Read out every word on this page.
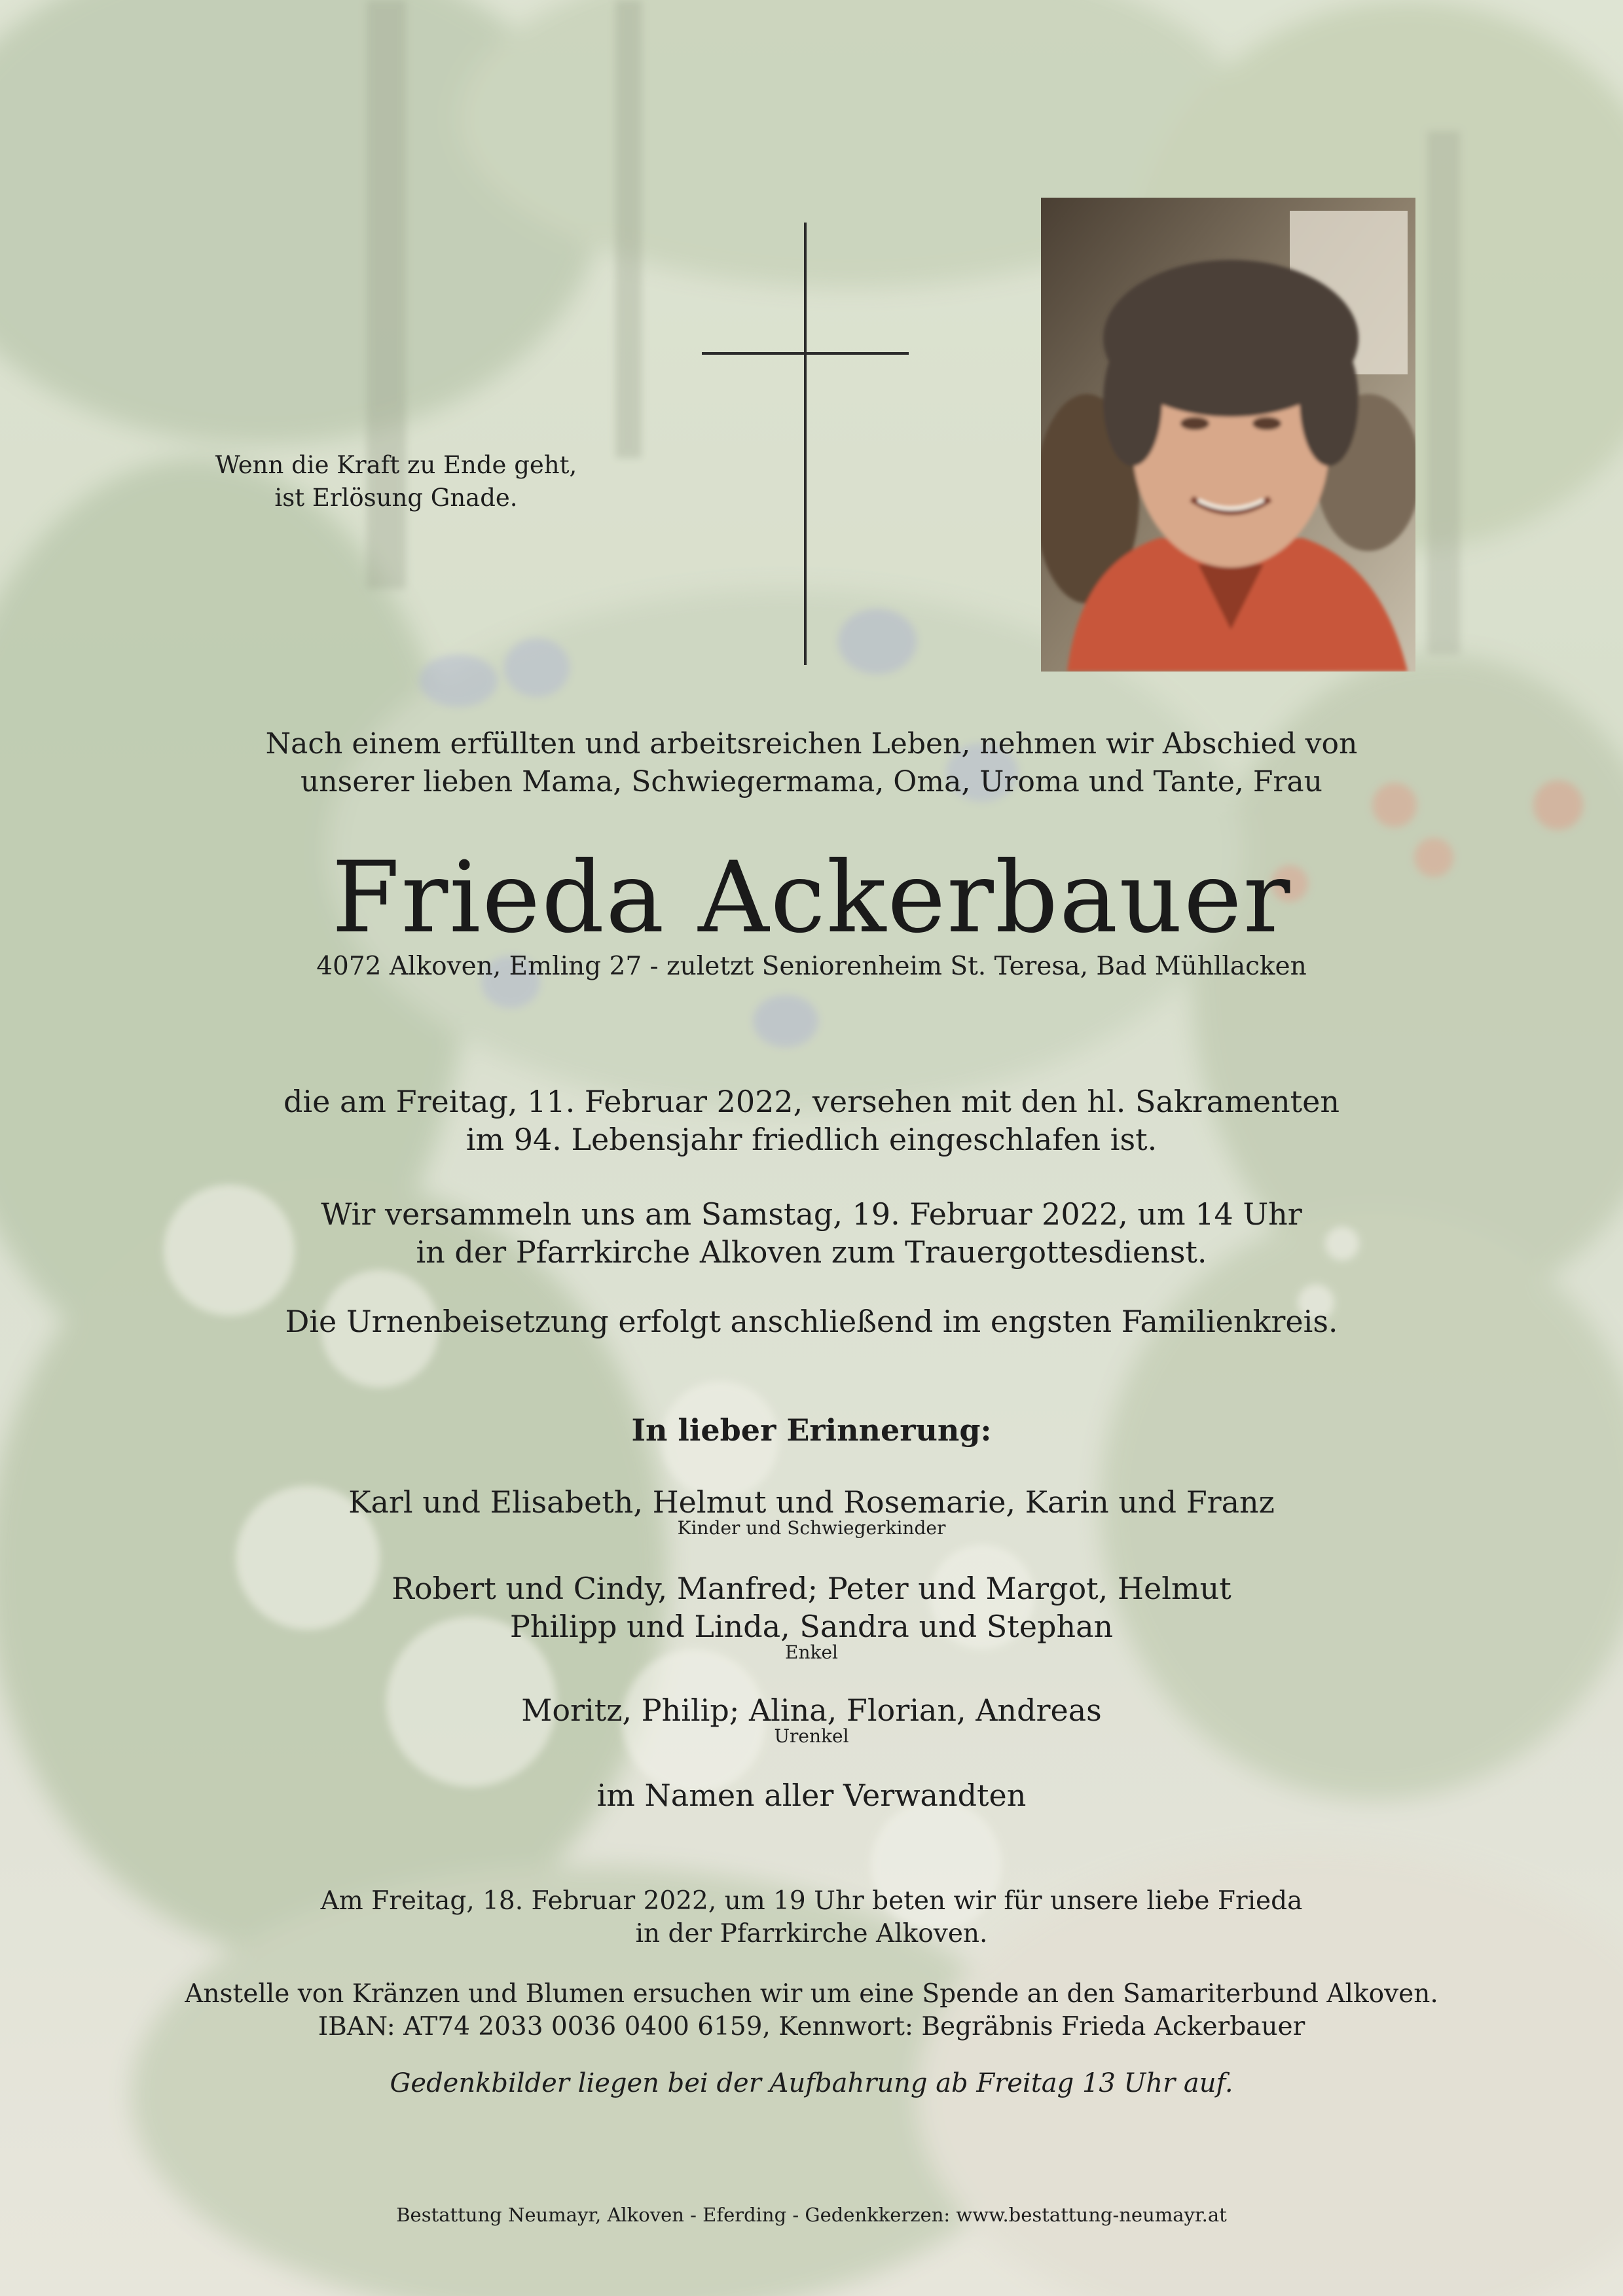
Wenn die Kraft zu Ende geht,
ist Erlösung Gnade.
Nach einem erfüllten und arbeitsreichen Leben, nehmen wir Abschied von
unserer lieben Mama, Schwiegermama, Oma, Uroma und Tante, Frau
Frieda Ackerbauer
4072 Alkoven, Emling 27 - zuletzt Seniorenheim St. Teresa, Bad Mühllacken
die am Freitag, 11. Februar 2022, versehen mit den hl. Sakramenten
im 94. Lebensjahr friedlich eingeschlafen ist.
Wir versammeln uns am Samstag, 19. Februar 2022, um 14 Uhr
in der Pfarrkirche Alkoven zum Trauergottesdienst.
Die Urnenbeisetzung erfolgt anschließend im engsten Familienkreis.
In lieber Erinnerung:
Karl und Elisabeth, Helmut und Rosemarie, Karin und Franz
Kinder und Schwiegerkinder
Robert und Cindy, Manfred; Peter und Margot, Helmut
Philipp und Linda, Sandra und Stephan
Enkel
Moritz, Philip; Alina, Florian, Andreas
Urenkel
im Namen aller Verwandten
Am Freitag, 18. Februar 2022, um 19 Uhr beten wir für unsere liebe Frieda
in der Pfarrkirche Alkoven.
Anstelle von Kränzen und Blumen ersuchen wir um eine Spende an den Samariterbund Alkoven.
IBAN: AT74 2033 0036 0400 6159, Kennwort: Begräbnis Frieda Ackerbauer
Gedenkbilder liegen bei der Aufbahrung ab Freitag 13 Uhr auf.
Bestattung Neumayr, Alkoven - Eferding - Gedenkkerzen: www.bestattung-neumayr.at
